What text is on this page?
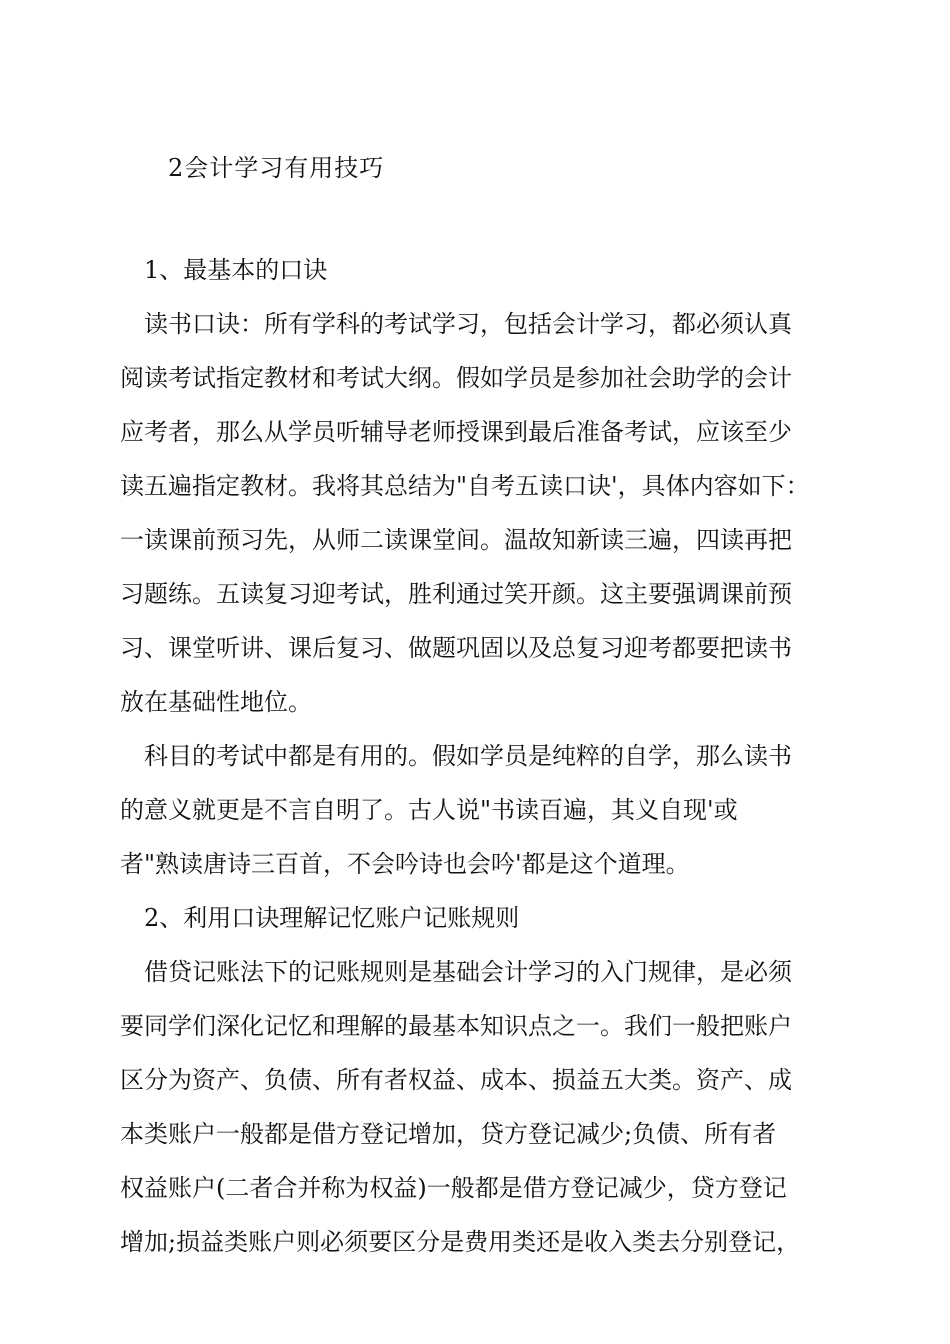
2会计学习有用技巧
1、最基本的口诀
读书口诀：所有学科的考试学习，包括会计学习，都必须认真
阅读考试指定教材和考试大纲。假如学员是参加社会助学的会计
应考者，那么从学员听辅导老师授课到最后准备考试，应该至少
读五遍指定教材。我将其总结为"自考五读口诀'，具体内容如下：
一读课前预习先，从师二读课堂间。温故知新读三遍，四读再把
习题练。五读复习迎考试，胜利通过笑开颜。这主要强调课前预
习、课堂听讲、课后复习、做题巩固以及总复习迎考都要把读书
放在基础性地位。
科目的考试中都是有用的。假如学员是纯粹的自学，那么读书
的意义就更是不言自明了。古人说"书读百遍，其义自现'或
者"熟读唐诗三百首，不会吟诗也会吟'都是这个道理。
2、利用口诀理解记忆账户记账规则
借贷记账法下的记账规则是基础会计学习的入门规律，是必须
要同学们深化记忆和理解的最基本知识点之一。我们一般把账户
区分为资产、负债、所有者权益、成本、损益五大类。资产、成
本类账户一般都是借方登记增加，贷方登记减少;负债、所有者
权益账户(二者合并称为权益)一般都是借方登记减少，贷方登记
增加;损益类账户则必须要区分是费用类还是收入类去分别登记，
